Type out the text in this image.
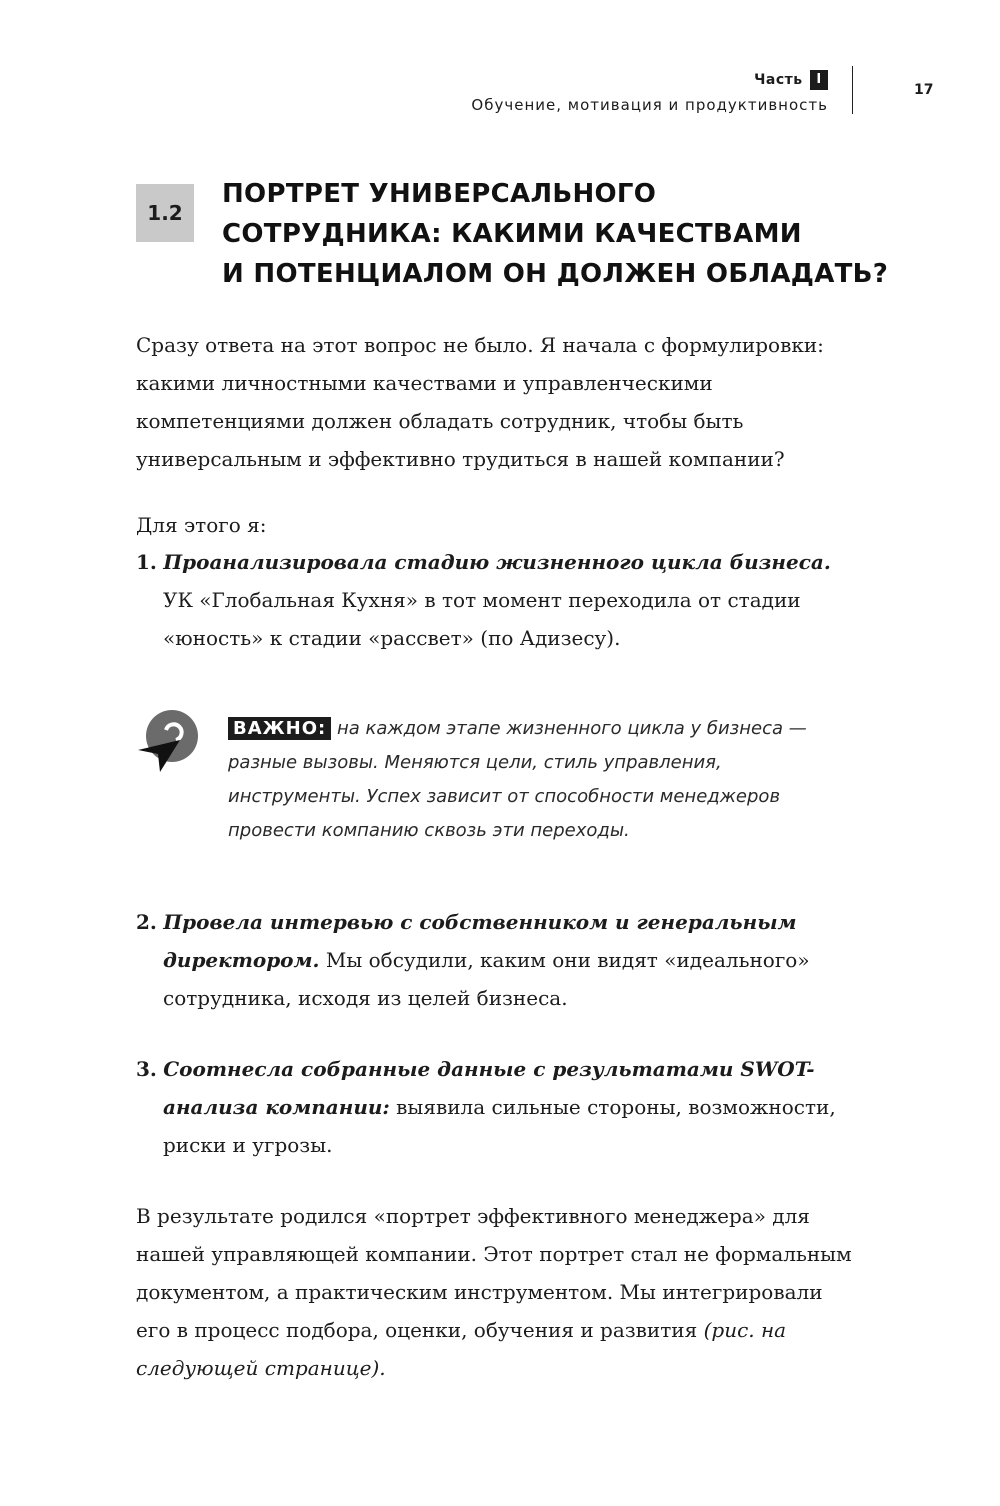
Часть I
Обучение, мотивация и продуктивность
17
1.2
ПОРТРЕТ УНИВЕРСАЛЬНОГО
СОТРУДНИКА: КАКИМИ КАЧЕСТВАМИ
И ПОТЕНЦИАЛОМ ОН ДОЛЖЕН ОБЛАДАТЬ?

Сразу ответа на этот вопрос не было. Я начала с формулировки: какими личностными качествами и управленческими компетенциями должен обладать сотрудник, чтобы быть универсальным и эффективно трудиться в нашей компании?

Для этого я:

1. Проанализировала стадию жизненного цикла бизнеса. УК «Глобальная Кухня» в тот момент переходила от стадии «юность» к стадии «рассвет» (по Адизесу).

ВАЖНО: на каждом этапе жизненного цикла у бизнеса — разные вызовы. Меняются цели, стиль управления, инструменты. Успех зависит от способности менеджеров провести компанию сквозь эти переходы.

2. Провела интервью с собственником и генеральным директором. Мы обсудили, каким они видят «идеального» сотрудника, исходя из целей бизнеса.

3. Соотнесла собранные данные с результатами SWOT-анализа компании: выявила сильные стороны, возможности, риски и угрозы.

В результате родился «портрет эффективного менеджера» для нашей управляющей компании. Этот портрет стал не формальным документом, а практическим инструментом. Мы интегрировали его в процесс подбора, оценки, обучения и развития (рис. на следующей странице).
